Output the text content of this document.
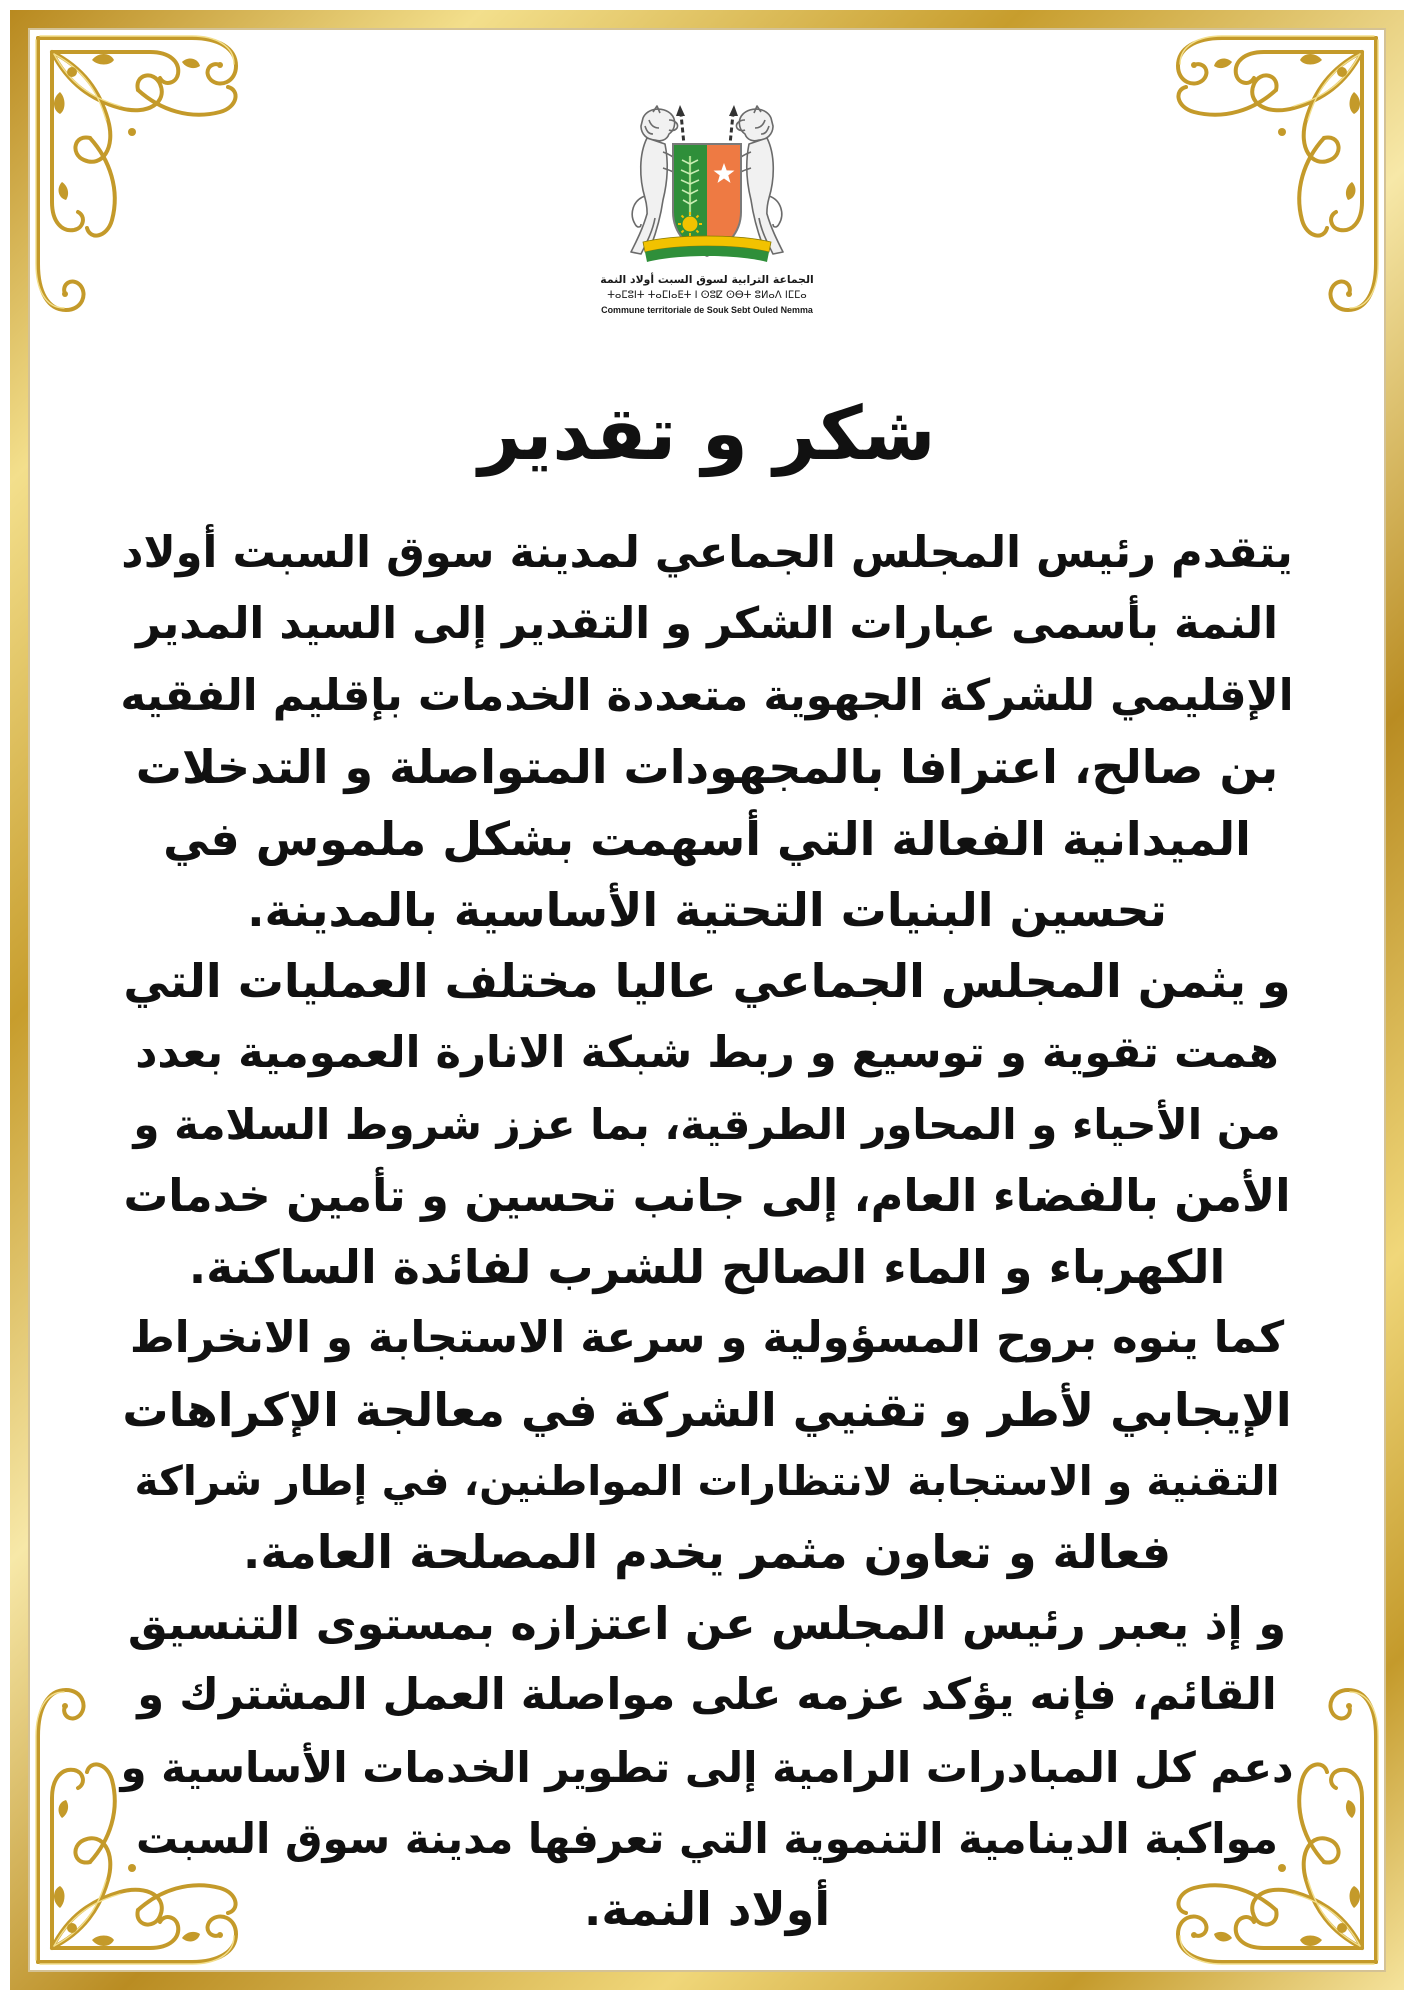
الجماعة الترابية لسوق السبت أولاد النمة
ⵜⴰⵎⵓⵏⵜ ⵜⴰⵎⵏⴰⴹⵜ ⵏ ⵙⵓⵇ ⵙⴱⵜ ⵓⵍⴰⴷ ⵏⵎⵎⴰ
Commune territoriale de Souk Sebt Ouled Nemma
شكر و تقدير
يتقدم رئيس المجلس الجماعي لمدينة سوق السبت أولاد
النمة بأسمى عبارات الشكر و التقدير إلى السيد المدير
الإقليمي للشركة الجهوية متعددة الخدمات بإقليم الفقيه
بن صالح، اعترافا بالمجهودات المتواصلة و التدخلات
الميدانية الفعالة التي أسهمت بشكل ملموس في
تحسين البنيات التحتية الأساسية بالمدينة.
و يثمن المجلس الجماعي عاليا مختلف العمليات التي
همت تقوية و توسيع و ربط شبكة الانارة العمومية بعدد
من الأحياء و المحاور الطرقية، بما عزز شروط السلامة و
الأمن بالفضاء العام، إلى جانب تحسين و تأمين خدمات
الكهرباء و الماء الصالح للشرب لفائدة الساكنة.
كما ينوه بروح المسؤولية و سرعة الاستجابة و الانخراط
الإيجابي لأطر و تقنيي الشركة في معالجة الإكراهات
التقنية و الاستجابة لانتظارات المواطنين، في إطار شراكة
فعالة و تعاون مثمر يخدم المصلحة العامة.
و إذ يعبر رئيس المجلس عن اعتزازه بمستوى التنسيق
القائم، فإنه يؤكد عزمه على مواصلة العمل المشترك و
دعم كل المبادرات الرامية إلى تطوير الخدمات الأساسية و
مواكبة الدينامية التنموية التي تعرفها مدينة سوق السبت
أولاد النمة.
